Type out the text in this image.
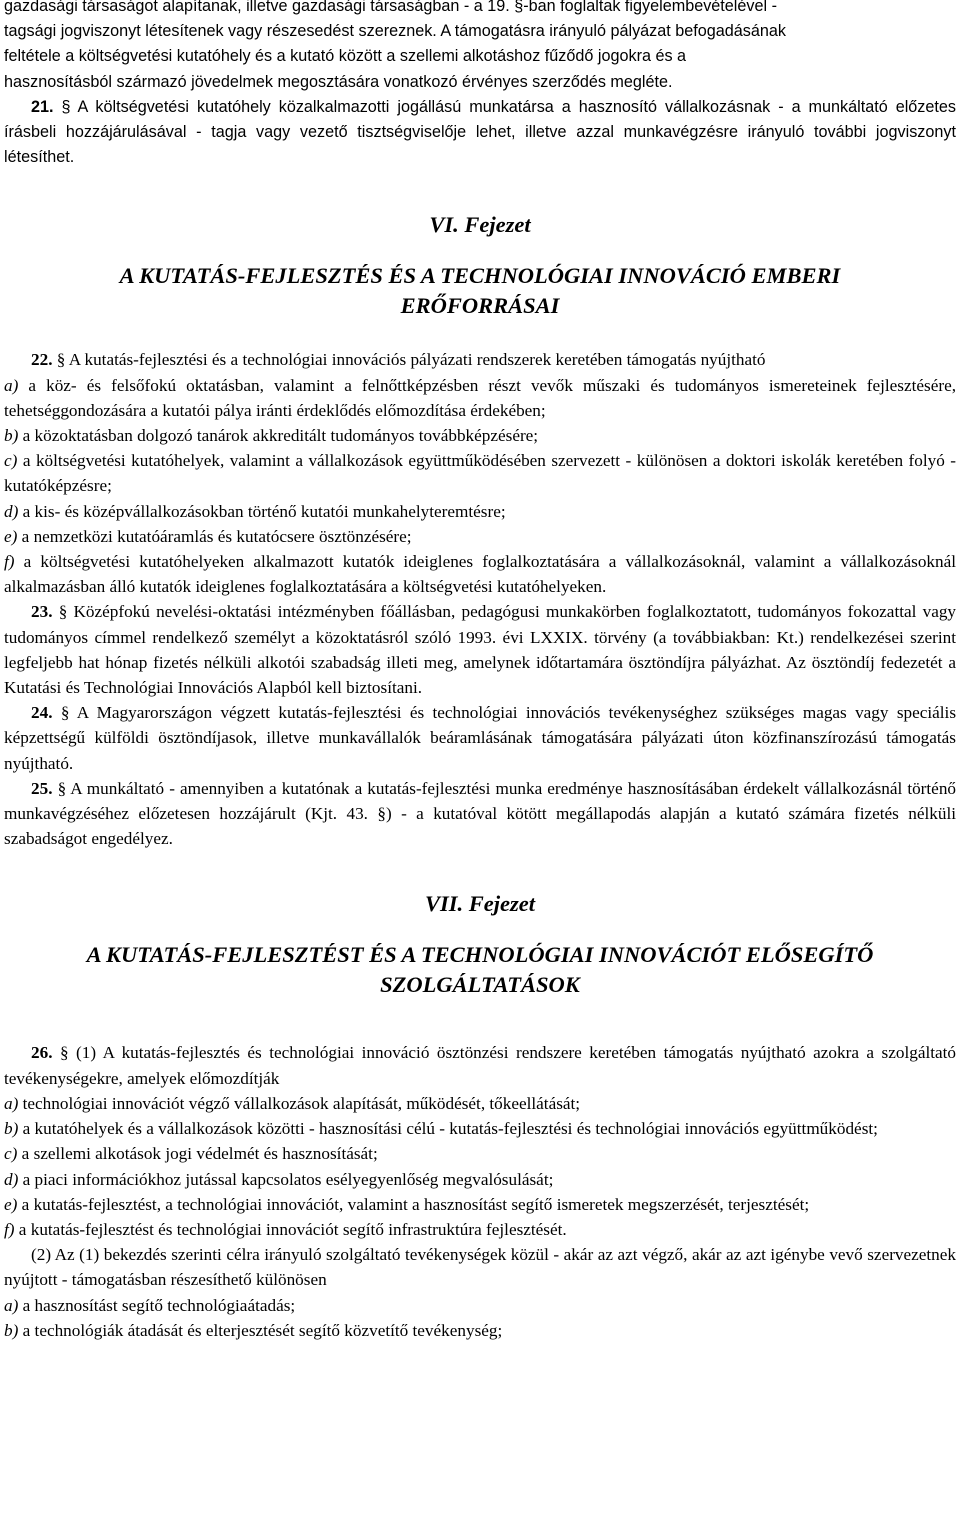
gazdasági társaságot alapítanak, illetve gazdasági társaságban - a 19. §-ban foglaltak figyelembevételével -
tagsági jogviszonyt létesítenek vagy részesedést szereznek. A támogatásra irányuló pályázat befogadásának
feltétele a költségvetési kutatóhely és a kutató között a szellemi alkotáshoz fűződő jogokra és a
hasznosításból származó jövedelmek megosztására vonatkozó érvényes szerződés megléte.

21. § A költségvetési kutatóhely közalkalmazotti jogállású munkatársa a hasznosító vállalkozásnak - a munkáltató előzetes írásbeli hozzájárulásával - tagja vagy vezető tisztségviselője lehet, illetve azzal munkavégzésre irányuló további jogviszonyt létesíthet.

VI. Fejezet

A KUTATÁS-FEJLESZTÉS ÉS A TECHNOLÓGIAI INNOVÁCIÓ EMBERI ERŐFORRÁSAI

22. § A kutatás-fejlesztési és a technológiai innovációs pályázati rendszerek keretében támogatás nyújtható

a) a köz- és felsőfokú oktatásban, valamint a felnőttképzésben részt vevők műszaki és tudományos ismereteinek fejlesztésére, tehetséggondozására a kutatói pálya iránti érdeklődés előmozdítása érdekében;

b) a közoktatásban dolgozó tanárok akkreditált tudományos továbbképzésére;

c) a költségvetési kutatóhelyek, valamint a vállalkozások együttműködésében szervezett - különösen a doktori iskolák keretében folyó - kutatóképzésre;

d) a kis- és középvállalkozásokban történő kutatói munkahelyteremtésre;

e) a nemzetközi kutatóáramlás és kutatócsere ösztönzésére;

f) a költségvetési kutatóhelyeken alkalmazott kutatók ideiglenes foglalkoztatására a vállalkozásoknál, valamint a vállalkozásoknál alkalmazásban álló kutatók ideiglenes foglalkoztatására a költségvetési kutatóhelyeken.

23. § Középfokú nevelési-oktatási intézményben főállásban, pedagógusi munkakörben foglalkoztatott, tudományos fokozattal vagy tudományos címmel rendelkező személyt a közoktatásról szóló 1993. évi LXXIX. törvény (a továbbiakban: Kt.) rendelkezései szerint legfeljebb hat hónap fizetés nélküli alkotói szabadság illeti meg, amelynek időtartamára ösztöndíjra pályázhat. Az ösztöndíj fedezetét a Kutatási és Technológiai Innovációs Alapból kell biztosítani.

24. § A Magyarországon végzett kutatás-fejlesztési és technológiai innovációs tevékenységhez szükséges magas vagy speciális képzettségű külföldi ösztöndíjasok, illetve munkavállalók beáramlásának támogatására pályázati úton közfinanszírozású támogatás nyújtható.

25. § A munkáltató - amennyiben a kutatónak a kutatás-fejlesztési munka eredménye hasznosításában érdekelt vállalkozásnál történő munkavégzéséhez előzetesen hozzájárult (Kjt. 43. §) - a kutatóval kötött megállapodás alapján a kutató számára fizetés nélküli szabadságot engedélyez.

VII. Fejezet

A KUTATÁS-FEJLESZTÉST ÉS A TECHNOLÓGIAI INNOVÁCIÓT ELŐSEGÍTŐ SZOLGÁLTATÁSOK

26. § (1) A kutatás-fejlesztés és technológiai innováció ösztönzési rendszere keretében támogatás nyújtható azokra a szolgáltató tevékenységekre, amelyek előmozdítják

a) technológiai innovációt végző vállalkozások alapítását, működését, tőkeellátását;

b) a kutatóhelyek és a vállalkozások közötti - hasznosítási célú - kutatás-fejlesztési és technológiai innovációs együttműködést;

c) a szellemi alkotások jogi védelmét és hasznosítását;

d) a piaci információkhoz jutással kapcsolatos esélyegyenlőség megvalósulását;

e) a kutatás-fejlesztést, a technológiai innovációt, valamint a hasznosítást segítő ismeretek megszerzését, terjesztését;

f) a kutatás-fejlesztést és technológiai innovációt segítő infrastruktúra fejlesztését.

(2) Az (1) bekezdés szerinti célra irányuló szolgáltató tevékenységek közül - akár az azt végző, akár az azt igénybe vevő szervezetnek nyújtott - támogatásban részesíthető különösen

a) a hasznosítást segítő technológiaátadás;

b) a technológiák átadását és elterjesztését segítő közvetítő tevékenység;
